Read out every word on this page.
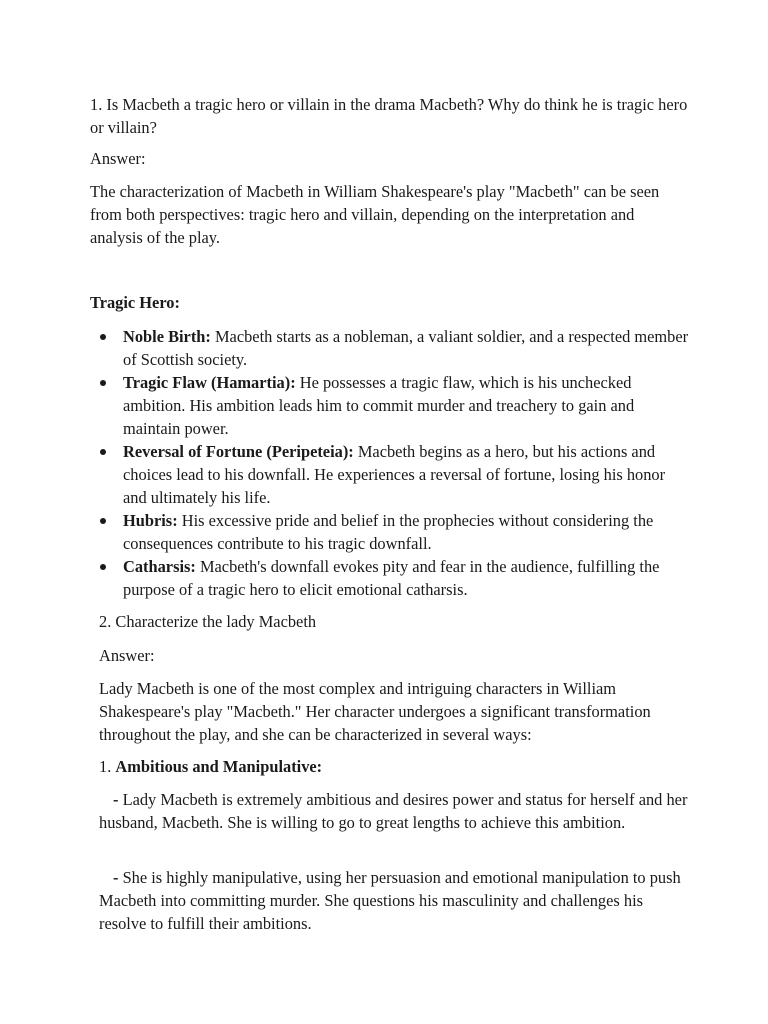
1. Is Macbeth a tragic hero or villain in the drama Macbeth? Why do think he is tragic hero or villain?

Answer:

The characterization of Macbeth in William Shakespeare's play "Macbeth" can be seen from both perspectives: tragic hero and villain, depending on the interpretation and analysis of the play.

Tragic Hero:

Noble Birth: Macbeth starts as a nobleman, a valiant soldier, and a respected member of Scottish society.
Tragic Flaw (Hamartia): He possesses a tragic flaw, which is his unchecked ambition. His ambition leads him to commit murder and treachery to gain and maintain power.
Reversal of Fortune (Peripeteia): Macbeth begins as a hero, but his actions and choices lead to his downfall. He experiences a reversal of fortune, losing his honor and ultimately his life.
Hubris: His excessive pride and belief in the prophecies without considering the consequences contribute to his tragic downfall.
Catharsis: Macbeth's downfall evokes pity and fear in the audience, fulfilling the purpose of a tragic hero to elicit emotional catharsis.

2. Characterize the lady Macbeth

Answer:

Lady Macbeth is one of the most complex and intriguing characters in William Shakespeare's play "Macbeth." Her character undergoes a significant transformation throughout the play, and she can be characterized in several ways:

1. Ambitious and Manipulative:

- Lady Macbeth is extremely ambitious and desires power and status for herself and her husband, Macbeth. She is willing to go to great lengths to achieve this ambition.

- She is highly manipulative, using her persuasion and emotional manipulation to push Macbeth into committing murder. She questions his masculinity and challenges his resolve to fulfill their ambitions.
